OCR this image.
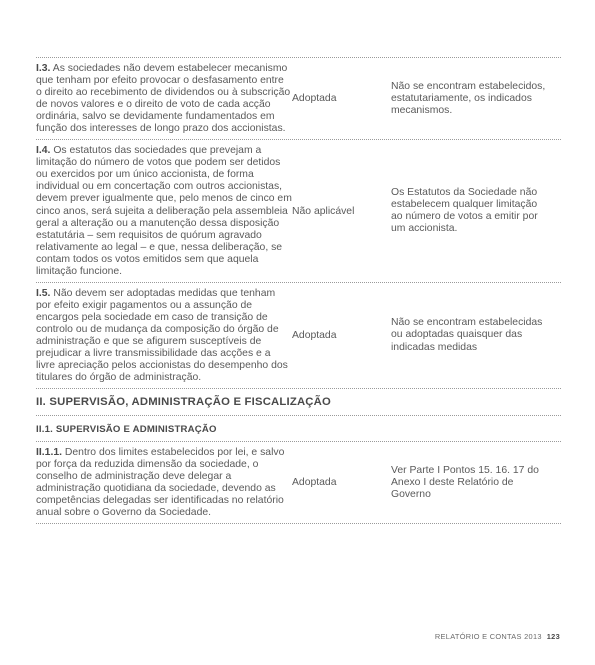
I.3. As sociedades não devem estabelecer mecanismo que tenham por efeito provocar o desfasamento entre o direito ao recebimento de dividendos ou à subscrição de novos valores e o direito de voto de cada acção ordinária, salvo se devidamente fundamentados em função dos interesses de longo prazo dos accionistas.
Adoptada
Não se encontram estabelecidos, estatutariamente, os indicados mecanismos.
I.4. Os estatutos das sociedades que prevejam a limitação do número de votos que podem ser detidos ou exercidos por um único accionista, de forma individual ou em concertação com outros accionistas, devem prever igualmente que, pelo menos de cinco em cinco anos, será sujeita a deliberação pela assembleia geral a alteração ou a manutenção dessa disposição estatutária – sem requisitos de quórum agravado relativamente ao legal – e que, nessa deliberação, se contam todos os votos emitidos sem que aquela limitação funcione.
Não aplicável
Os Estatutos da Sociedade não estabelecem qualquer limitação ao número de votos a emitir por um accionista.
I.5. Não devem ser adoptadas medidas que tenham por efeito exigir pagamentos ou a assunção de encargos pela sociedade em caso de transição de controlo ou de mudança da composição do órgão de administração e que se afigurem susceptíveis de prejudicar a livre transmissibilidade das acções e a livre apreciação pelos accionistas do desempenho dos titulares do órgão de administração.
Adoptada
Não se encontram estabelecidas ou adoptadas quaisquer das indicadas medidas
II. SUPERVISÃO, ADMINISTRAÇÃO E FISCALIZAÇÃO
II.1. SUPERVISÃO E ADMINISTRAÇÃO
II.1.1. Dentro dos limites estabelecidos por lei, e salvo por força da reduzida dimensão da sociedade, o conselho de administração deve delegar a administração quotidiana da sociedade, devendo as competências delegadas ser identificadas no relatório anual sobre o Governo da Sociedade.
Adoptada
Ver Parte I Pontos 15. 16. 17 do Anexo I deste Relatório de Governo
RELATÓRIO E CONTAS 2013 123
